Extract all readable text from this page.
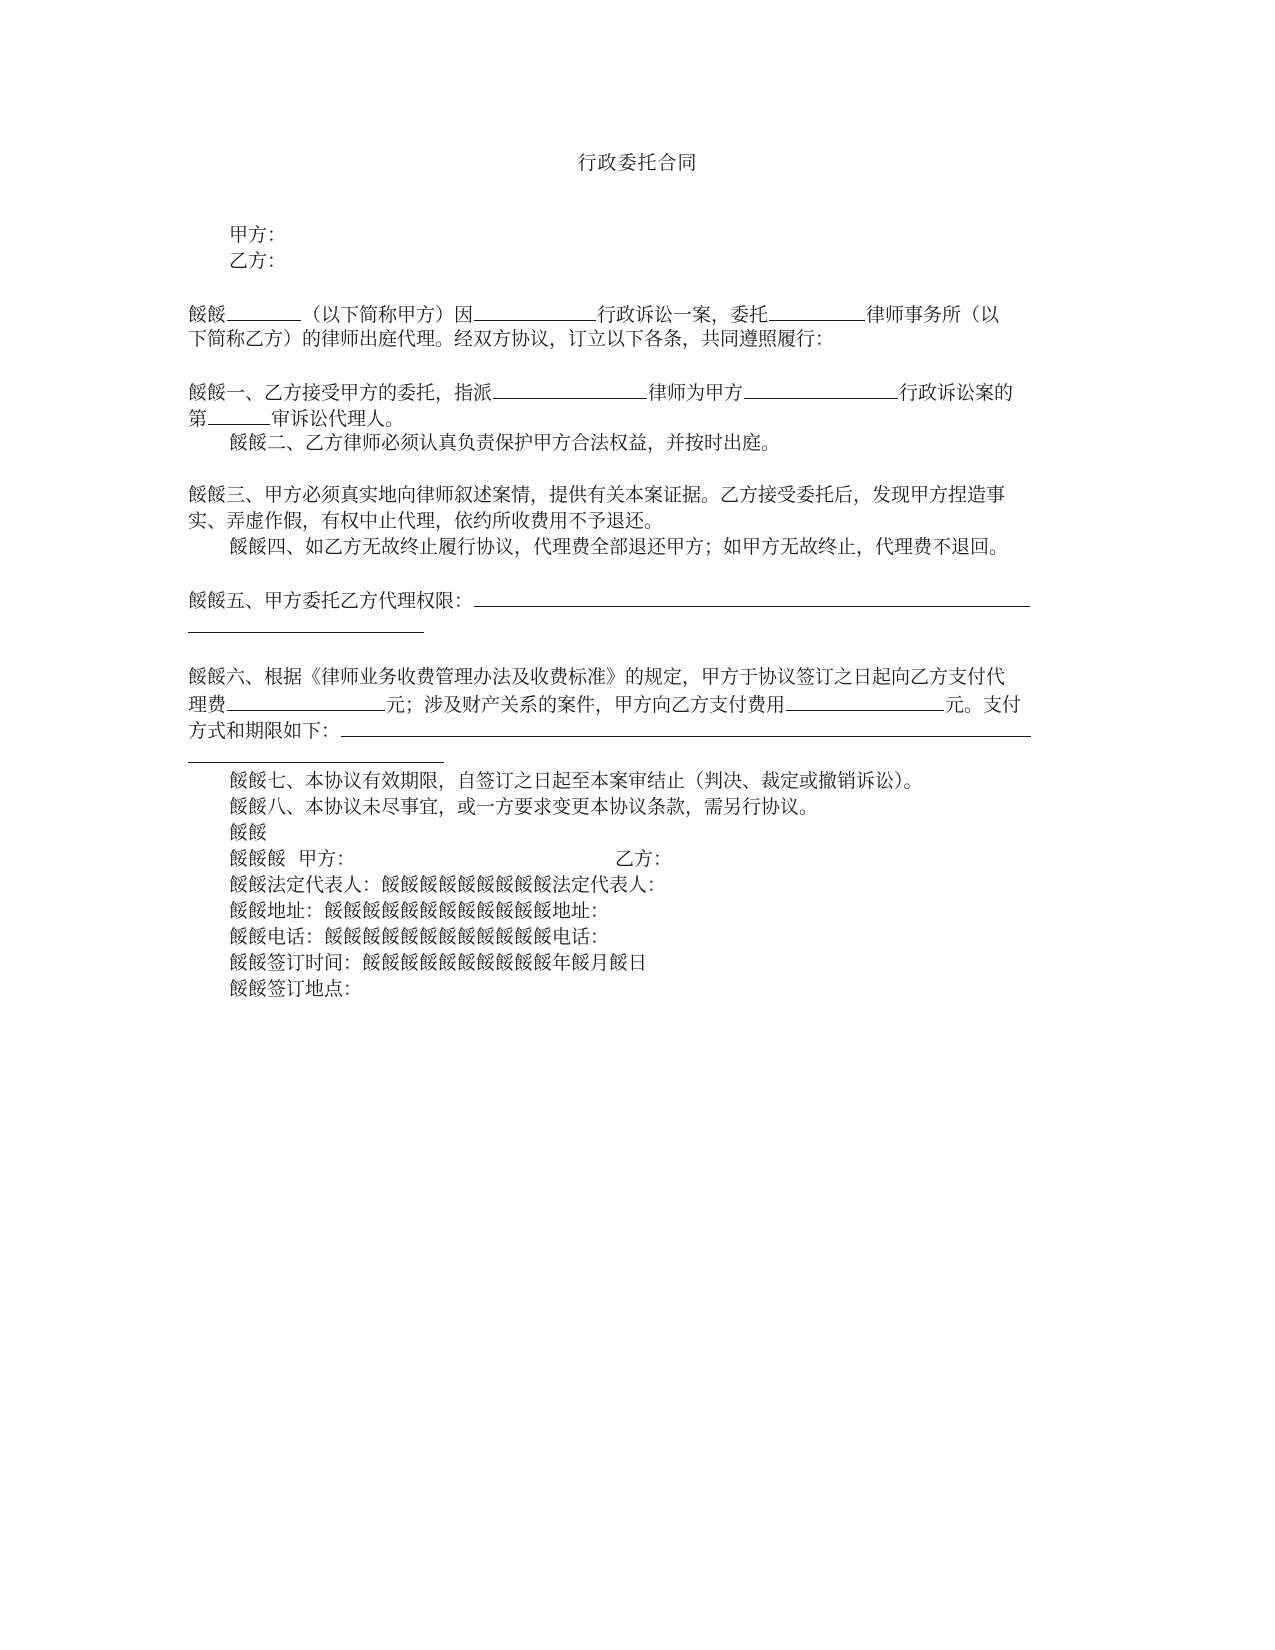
行政委托合同
甲方：
乙方：
餒餒	（以下简称甲方）因	行政诉讼一案，委托	律师事务所（以
下简称乙方）的律师出庭代理。经双方协议，订立以下各条，共同遵照履行：
餒餒一、乙方接受甲方的委托，指派	律师为甲方	行政诉讼案的
第	审诉讼代理人。
餒餒二、乙方律师必须认真负责保护甲方合法权益，并按时出庭。
餒餒三、甲方必须真实地向律师叙述案情，提供有关本案证据。乙方接受委托后，发现甲方捏造事
实、弄虚作假，有权中止代理，依约所收费用不予退还。
餒餒四、如乙方无故终止履行协议，代理费全部退还甲方；如甲方无故终止，代理费不退回。
餒餒五、甲方委托乙方代理权限：
餒餒六、根据《律师业务收费管理办法及收费标准》的规定，甲方于协议签订之日起向乙方支付代
理费	元；涉及财产关系的案件，甲方向乙方支付费用	元。支付
方式和期限如下：
餒餒七、本协议有效期限，自签订之日起至本案审结止（判决、裁定或撤销诉讼）。
餒餒八、本协议未尽事宜，或一方要求变更本协议条款，需另行协议。
餒餒
餒餒餒  甲方：	乙方：
餒餒法定代表人：餒餒餒餒餒餒餒餒餒法定代表人：
餒餒地址：餒餒餒餒餒餒餒餒餒餒餒餒地址：
餒餒电话：餒餒餒餒餒餒餒餒餒餒餒餒电话：
餒餒签订时间：餒餒餒餒餒餒餒餒餒餒年餒月餒日
餒餒签订地点：
